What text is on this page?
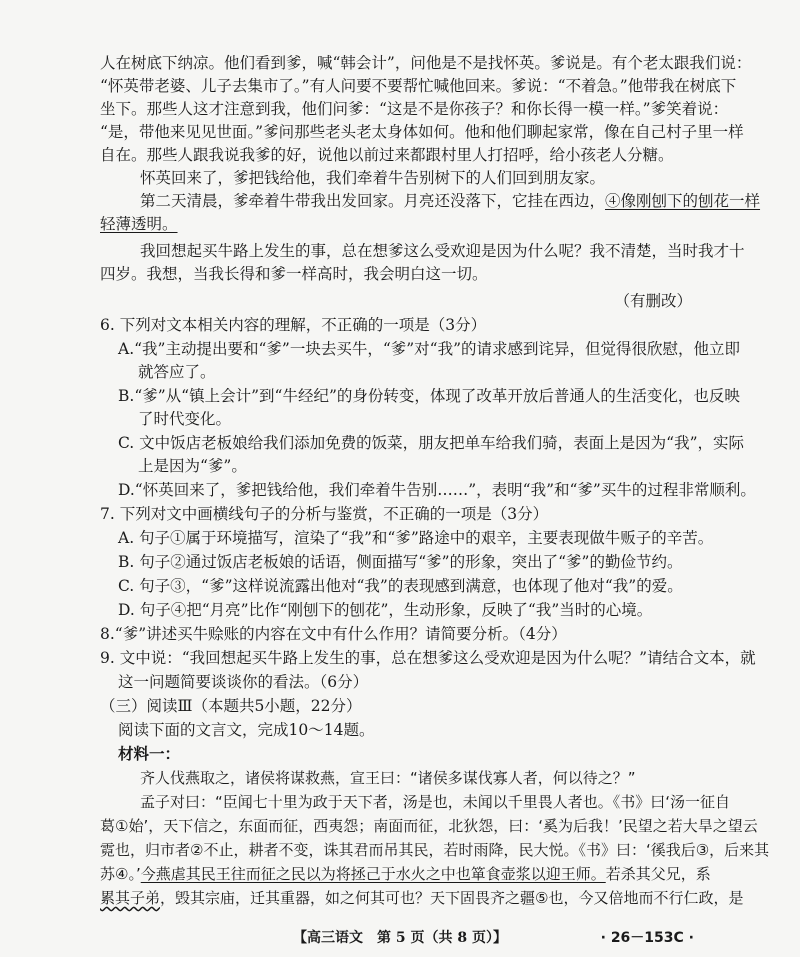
人在树底下纳凉。他们看到爹，喊“韩会计”，问他是不是找怀英。爹说是。有个老太跟我们说：
“怀英带老婆、儿子去集市了。”有人问要不要帮忙喊他回来。爹说：“不着急。”他带我在树底下
坐下。那些人这才注意到我，他们问爹：“这是不是你孩子？和你长得一模一样。”爹笑着说：
“是，带他来见见世面。”爹问那些老头老太身体如何。他和他们聊起家常，像在自己村子里一样
自在。那些人跟我说我爹的好，说他以前过来都跟村里人打招呼，给小孩老人分糖。
怀英回来了，爹把钱给他，我们牵着牛告别树下的人们回到朋友家。
第二天清晨，爹牵着牛带我出发回家。月亮还没落下，它挂在西边，④像刚刨下的刨花一样
轻薄透明。
我回想起买牛路上发生的事，总在想爹这么受欢迎是因为什么呢？我不清楚，当时我才十
四岁。我想，当我长得和爹一样高时，我会明白这一切。
（有删改）
6. 下列对文本相关内容的理解，不正确的一项是（3分）
A.“我”主动提出要和“爹”一块去买牛，“爹”对“我”的请求感到诧异，但觉得很欣慰，他立即
就答应了。
B.“爹”从“镇上会计”到“牛经纪”的身份转变，体现了改革开放后普通人的生活变化，也反映
了时代变化。
C. 文中饭店老板娘给我们添加免费的饭菜，朋友把单车给我们骑，表面上是因为“我”，实际
上是因为“爹”。
D.“怀英回来了，爹把钱给他，我们牵着牛告别……”，表明“我”和“爹”买牛的过程非常顺利。
7. 下列对文中画横线句子的分析与鉴赏，不正确的一项是（3分）
A. 句子①属于环境描写，渲染了“我”和“爹”路途中的艰辛，主要表现做牛贩子的辛苦。
B. 句子②通过饭店老板娘的话语，侧面描写“爹”的形象，突出了“爹”的勤俭节约。
C. 句子③，“爹”这样说流露出他对“我”的表现感到满意，也体现了他对“我”的爱。
D. 句子④把“月亮”比作“刚刨下的刨花”，生动形象，反映了“我”当时的心境。
8.“爹”讲述买牛赊账的内容在文中有什么作用？请简要分析。（4分）
9. 文中说：“我回想起买牛路上发生的事，总在想爹这么受欢迎是因为什么呢？”请结合文本，就
这一问题简要谈谈你的看法。（6分）
（三）阅读Ⅲ（本题共5小题，22分）
阅读下面的文言文，完成10～14题。
材料一：
齐人伐燕取之，诸侯将谋救燕，宣王曰：“诸侯多谋伐寡人者，何以待之？”
孟子对曰：“臣闻七十里为政于天下者，汤是也，未闻以千里畏人者也。《书》曰‘汤一征自
葛①始’，天下信之，东面而征，西夷怨；南面而征，北狄怨，曰：‘奚为后我！’民望之若大旱之望云
霓也，归市者②不止，耕者不变，诛其君而吊其民，若时雨降，民大悦。《书》曰：‘徯我后③，后来其
苏④。’今燕虐其民王往而征之民以为将拯己于水火之中也箪食壶浆以迎王师。若杀其父兄，系
累其子弟，毁其宗庙，迁其重器，如之何其可也？天下固畏齐之疆⑤也，今又倍地而不行仁政，是
【高三语文　第 5 页（共 8 页）】	· 26－153C ·
